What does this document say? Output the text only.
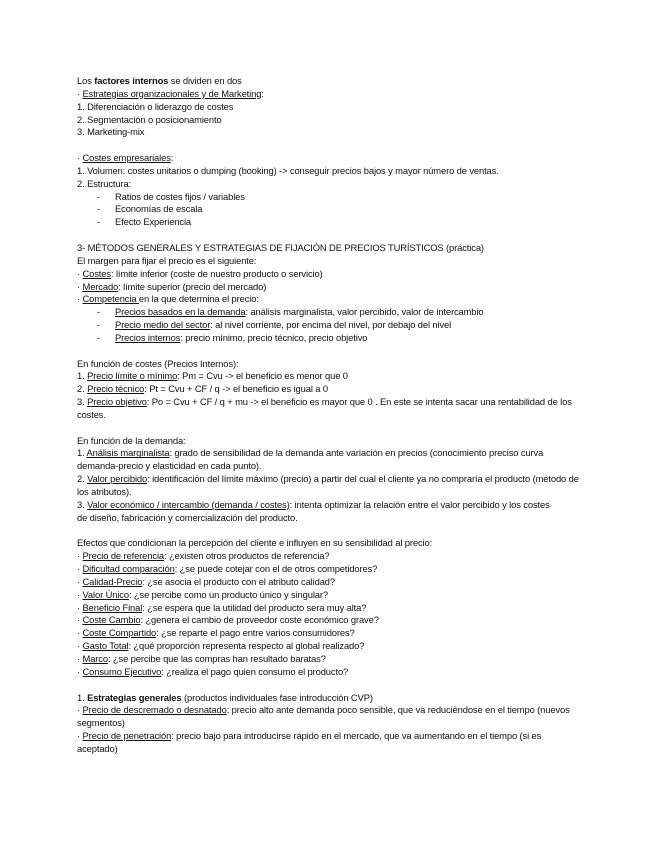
Los factores internos se dividen en dos

· Estrategias organizacionales y de Marketing:

1. Diferenciación o liderazgo de costes

2. Segmentación o posicionamiento

3. Marketing-mix

· Costes empresariales:

1. Volumen: costes unitarios o dumping (booking) -> conseguir precios bajos y mayor número de ventas.

2. Estructura:

- Ratios de costes fijos / variables

- Economías de escala

- Efecto Experiencia

3- MÉTODOS GENERALES Y ESTRATEGIAS DE FIJACIÓN DE PRECIOS TURÍSTICOS (práctica)

El margen para fijar el precio es el siguiente:

· Costes: límite inferior (coste de nuestro producto o servicio)

· Mercado: límite superior (precio del mercado)

· Competencia en la que determina el precio:

- Precios basados en la demanda: análisis marginalista, valor percibido, valor de intercambio

- Precio medio del sector: al nivel corriente, por encima del nivel, por debajo del nivel

- Precios internos: precio mínimo, precio técnico, precio objetivo

En función de costes (Precios Internos):

1. Precio límite o mínimo: Pm = Cvu -> el beneficio es menor que 0

2. Precio técnico: Pt = Cvu + CF / q -> el beneficio es igual a 0

3. Precio objetivo: Po = Cvu + CF / q + mu -> el beneficio es mayor que 0 . En este se intenta sacar una rentabilidad de los costes.

En función de la demanda:

1. Análisis marginalista: grado de sensibilidad de la demanda ante variación en precios (conocimiento preciso curva demanda-precio y elasticidad en cada punto).

2. Valor percibido: identificación del límite máximo (precio) a partir del cual el cliente ya no compraría el producto (método de los atributos).

3. Valor económico / intercambio (demanda / costes): intenta optimizar la relación entre el valor percibido y los costes

de diseño, fabricación y comercialización del producto.

Efectos que condicionan la percepción del cliente e influyen en su sensibilidad al precio:

· Precio de referencia: ¿existen otros productos de referencia?

· Dificultad comparación: ¿se puede cotejar con el de otros competidores?

· Calidad-Precio: ¿se asocia el producto con el atributo calidad?

· Valor Único: ¿se percibe como un producto único y singular?

· Beneficio Final: ¿se espera que la utilidad del producto sera muy alta?

· Coste Cambio: ¿genera el cambio de proveedor coste económico grave?

· Coste Compartido: ¿se reparte el pago entre varios consumidores?

· Gasto Total: ¿qué proporción representa respecto al global realizado?

· Marco: ¿se percibe que las compras han resultado baratas?

· Consumo Ejecutivo: ¿realiza el pago quien consumo el producto?

1. Estrategias generales (productos individuales fase introducción CVP)

· Precio de descremado o desnatado: precio alto ante demanda poco sensible, que va reduciéndose en el tiempo (nuevos segmentos)

· Precio de penetración: precio bajo para introducirse rápido en el mercado, que va aumentando en el tiempo (si es aceptado)
